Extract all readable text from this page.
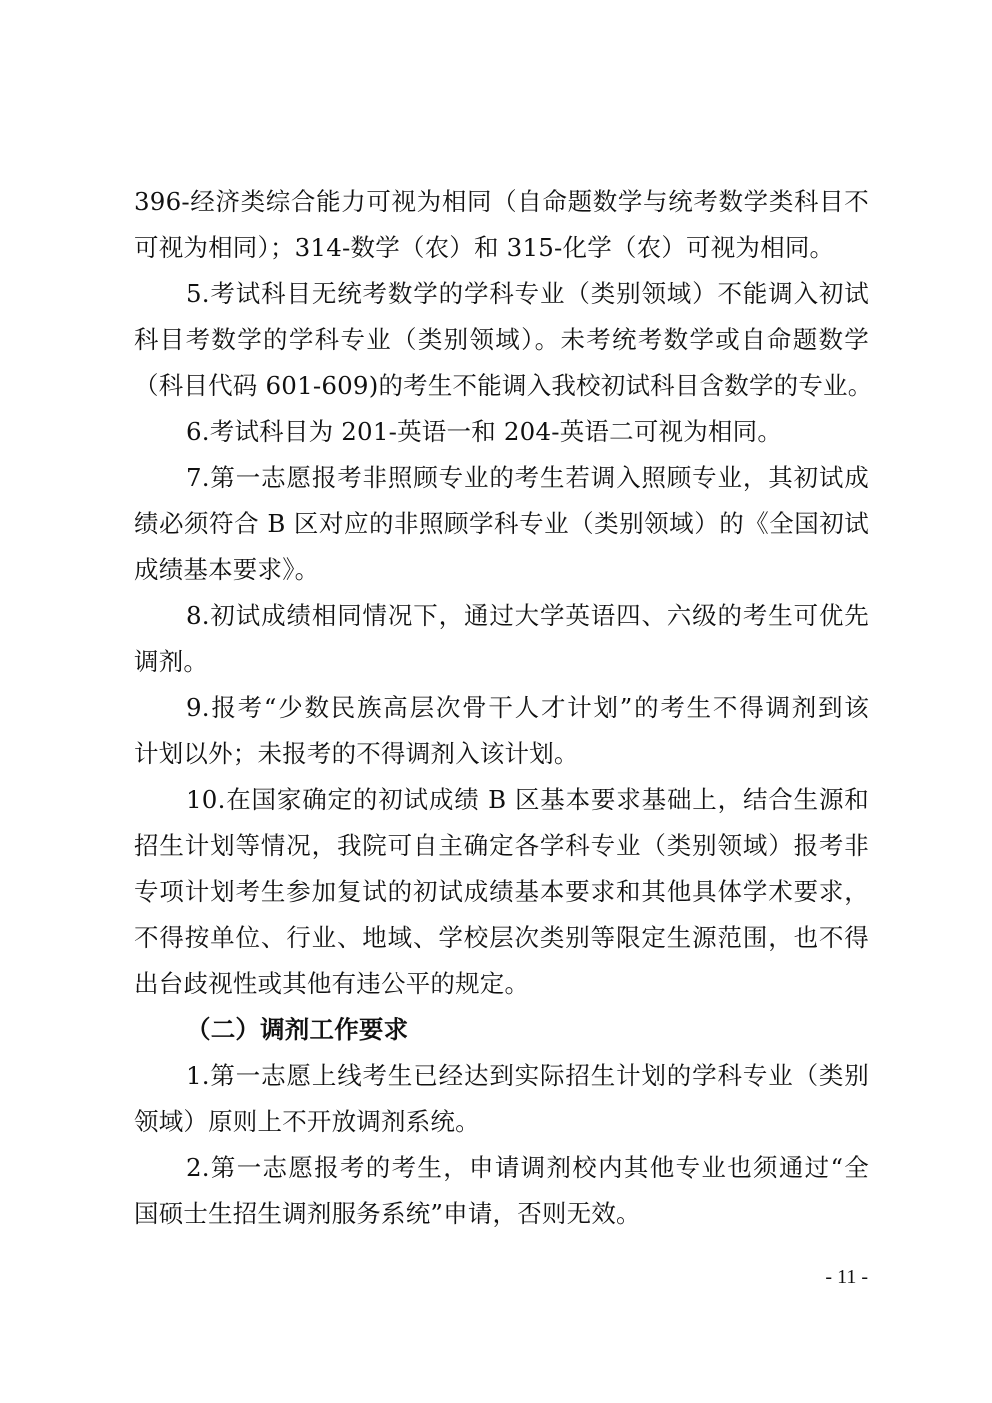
396-经济类综合能力可视为相同（自命题数学与统考数学类科目不
可视为相同）；314-数学（农）和 315-化学（农）可视为相同。
5.考试科目无统考数学的学科专业（类别领域）不能调入初试
科目考数学的学科专业（类别领域）。未考统考数学或自命题数学
（科目代码 601-609)的考生不能调入我校初试科目含数学的专业。
6.考试科目为 201-英语一和 204-英语二可视为相同。
7.第一志愿报考非照顾专业的考生若调入照顾专业，其初试成
绩必须符合 B 区对应的非照顾学科专业（类别领域）的《全国初试
成绩基本要求》。
8.初试成绩相同情况下，通过大学英语四、六级的考生可优先
调剂。
9.报考“少数民族高层次骨干人才计划”的考生不得调剂到该
计划以外；未报考的不得调剂入该计划。
10.在国家确定的初试成绩 B 区基本要求基础上，结合生源和
招生计划等情况，我院可自主确定各学科专业（类别领域）报考非
专项计划考生参加复试的初试成绩基本要求和其他具体学术要求，
不得按单位、行业、地域、学校层次类别等限定生源范围，也不得
出台歧视性或其他有违公平的规定。
（二）调剂工作要求
1.第一志愿上线考生已经达到实际招生计划的学科专业（类别
领域）原则上不开放调剂系统。
2.第一志愿报考的考生，申请调剂校内其他专业也须通过“全
国硕士生招生调剂服务系统”申请，否则无效。
- 11 -
